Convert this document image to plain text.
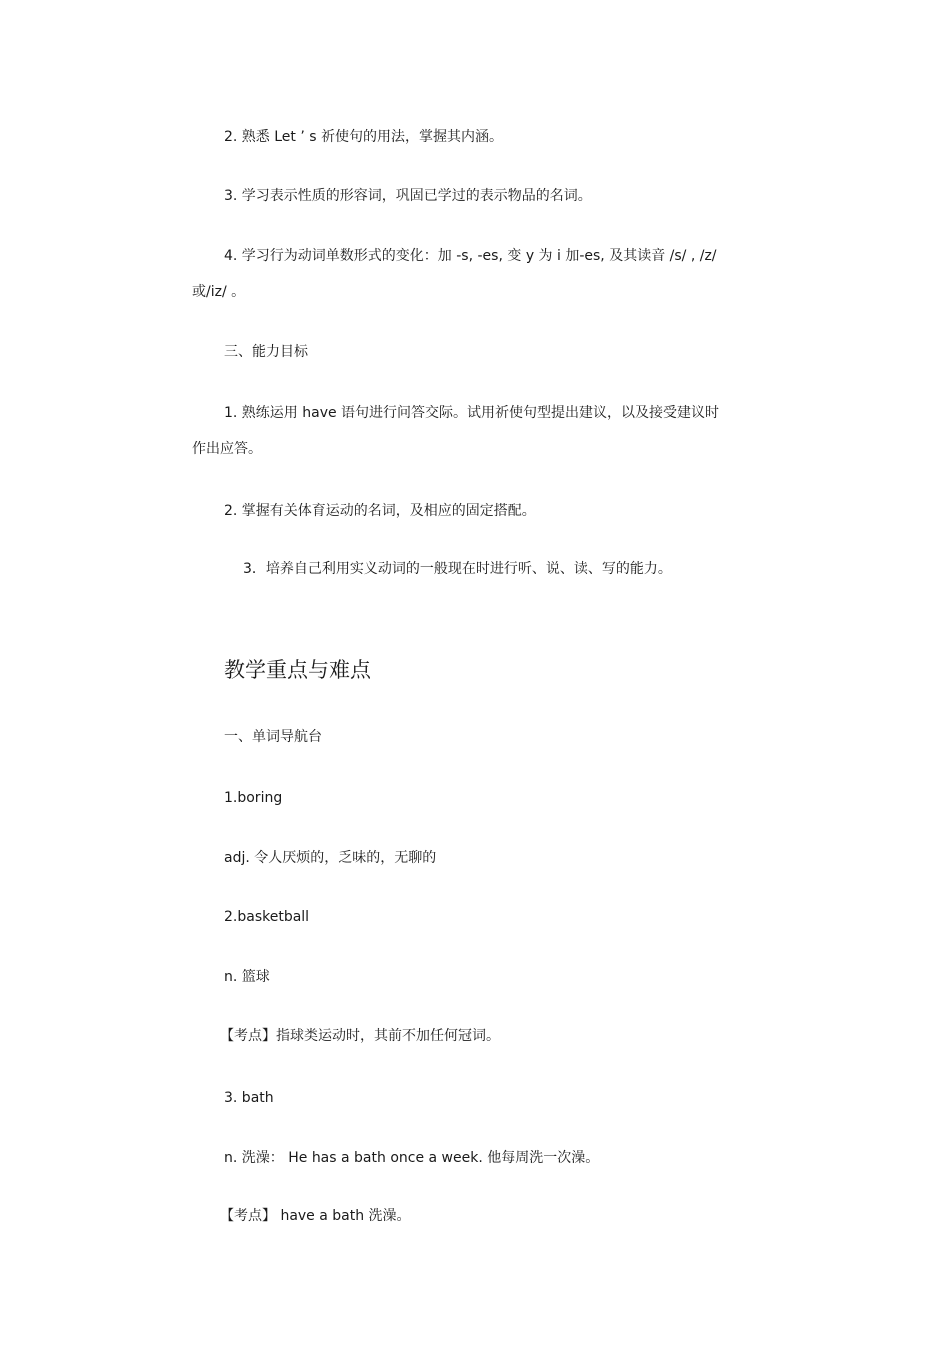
2. 熟悉 Let ’ s 祈使句的用法，掌握其内涵。
3. 学习表示性质的形容词，巩固已学过的表示物品的名词。
4. 学习行为动词单数形式的变化：加 -s, -es, 变 y 为 i 加-es, 及其读音 /s/ , /z/
或/iz/ 。
三、能力目标
1. 熟练运用 have 语句进行问答交际。试用祈使句型提出建议，以及接受建议时
作出应答。
2. 掌握有关体育运动的名词，及相应的固定搭配。
3．培养自己利用实义动词的一般现在时进行听、说、读、写的能力。
教学重点与难点
一、单词导航台
1.boring
adj. 令人厌烦的，乏味的，无聊的
2.basketball
n. 篮球
【考点】指球类运动时，其前不加任何冠词。
3. bath
n. 洗澡： He has a bath once a week. 他每周洗一次澡。
【考点】 have a bath 洗澡。
